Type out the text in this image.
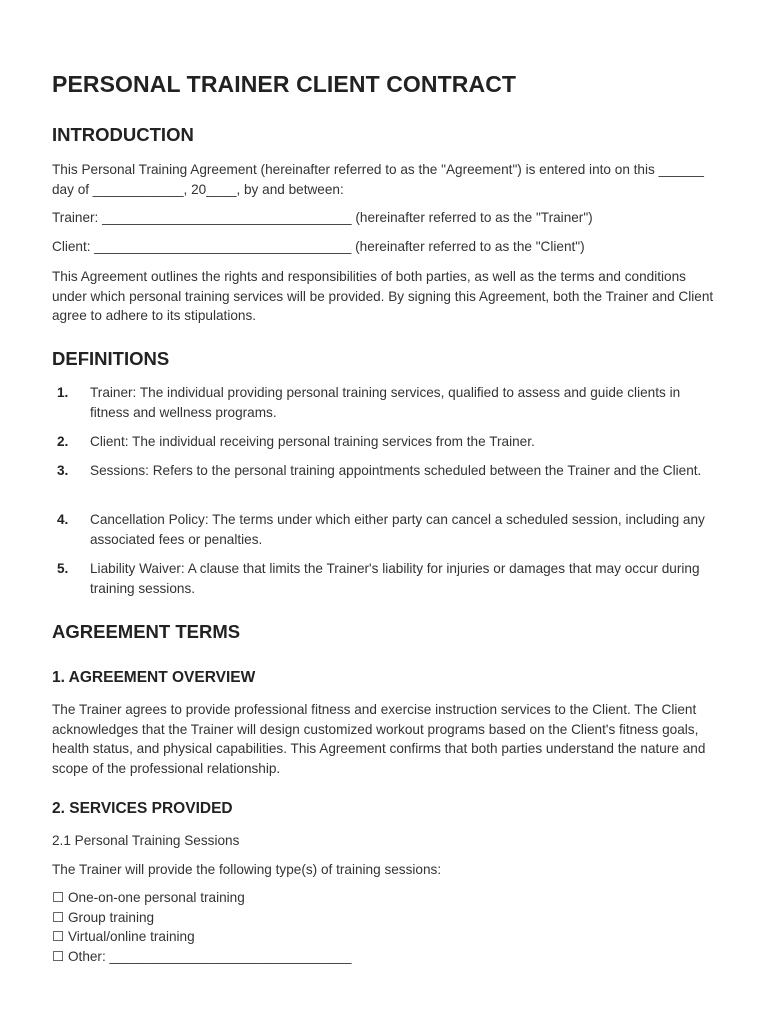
PERSONAL TRAINER CLIENT CONTRACT
INTRODUCTION

This Personal Training Agreement (hereinafter referred to as the "Agreement") is entered into on this ______ day of ____________, 20____, by and between:

Trainer: _________________________________ (hereinafter referred to as the "Trainer")

Client: __________________________________ (hereinafter referred to as the "Client")

This Agreement outlines the rights and responsibilities of both parties, as well as the terms and conditions under which personal training services will be provided. By signing this Agreement, both the Trainer and Client agree to adhere to its stipulations.

DEFINITIONS
1. Trainer: The individual providing personal training services, qualified to assess and guide clients in fitness and wellness programs.
2. Client: The individual receiving personal training services from the Trainer.
3. Sessions: Refers to the personal training appointments scheduled between the Trainer and the Client.
4. Cancellation Policy: The terms under which either party can cancel a scheduled session, including any associated fees or penalties.
5. Liability Waiver: A clause that limits the Trainer's liability for injuries or damages that may occur during training sessions.
AGREEMENT TERMS
1. AGREEMENT OVERVIEW

The Trainer agrees to provide professional fitness and exercise instruction services to the Client. The Client acknowledges that the Trainer will design customized workout programs based on the Client's fitness goals, health status, and physical capabilities. This Agreement confirms that both parties understand the nature and scope of the professional relationship.

2. SERVICES PROVIDED

2.1 Personal Training Sessions

The Trainer will provide the following type(s) of training sessions:

☐ One-on-one personal training
☐ Group training
☐ Virtual/online training
☐ Other: ________________________________
